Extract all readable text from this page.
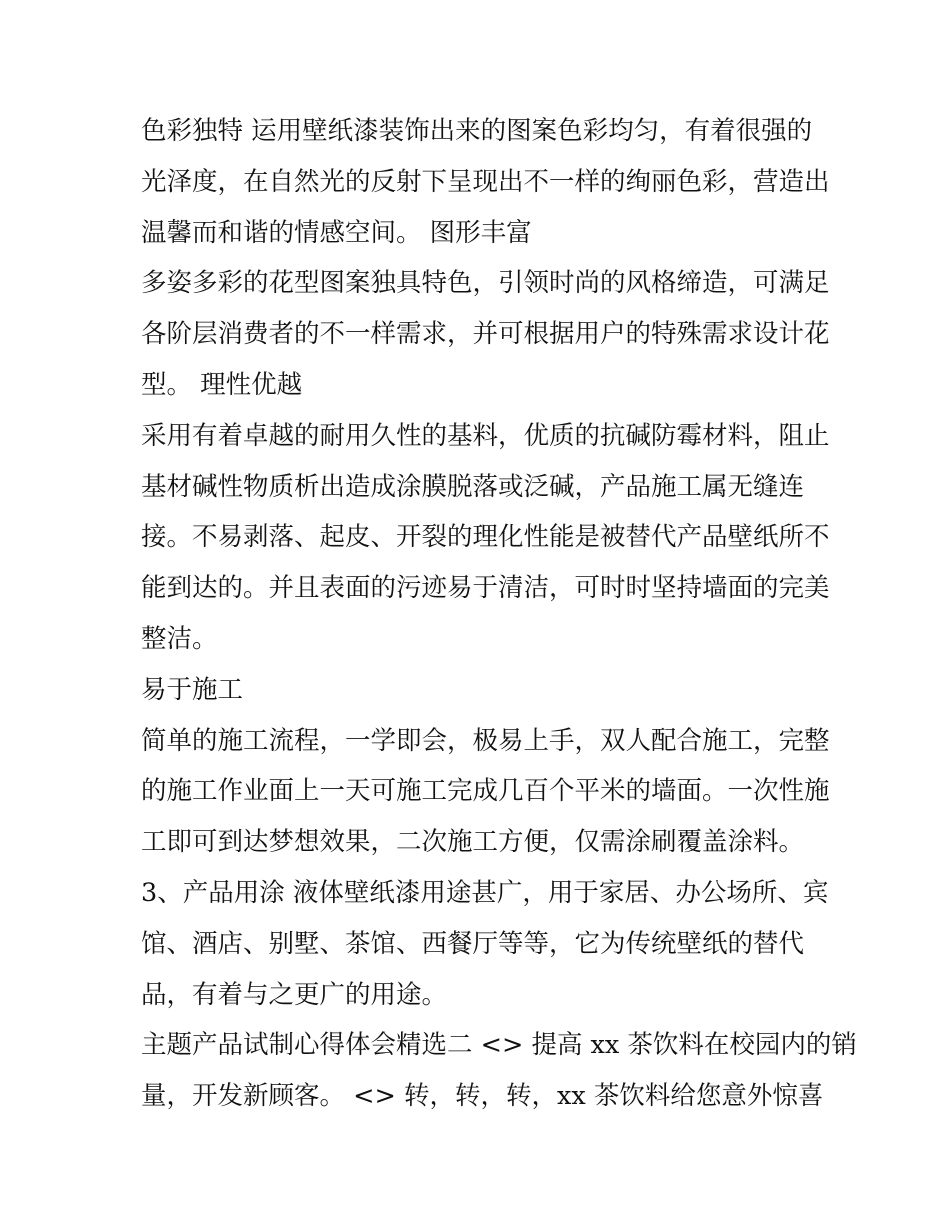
色彩独特 运用壁纸漆装饰出来的图案色彩均匀，有着很强的
光泽度，在自然光的反射下呈现出不一样的绚丽色彩，营造出
温馨而和谐的情感空间。 图形丰富
多姿多彩的花型图案独具特色，引领时尚的风格缔造，可满足
各阶层消费者的不一样需求，并可根据用户的特殊需求设计花
型。 理性优越
采用有着卓越的耐用久性的基料，优质的抗碱防霉材料，阻止
基材碱性物质析出造成涂膜脱落或泛碱，产品施工属无缝连
接。不易剥落、起皮、开裂的理化性能是被替代产品壁纸所不
能到达的。并且表面的污迹易于清洁，可时时坚持墙面的完美
整洁。
易于施工
简单的施工流程，一学即会，极易上手，双人配合施工，完整
的施工作业面上一天可施工完成几百个平米的墙面。一次性施
工即可到达梦想效果，二次施工方便，仅需涂刷覆盖涂料。
3、产品用涂 液体壁纸漆用途甚广，用于家居、办公场所、宾
馆、酒店、别墅、茶馆、西餐厅等等，它为传统壁纸的替代
品，有着与之更广的用途。
主题产品试制心得体会精选二 <> 提高 xx 茶饮料在校园内的销
量，开发新顾客。 <> 转，转，转，xx 茶饮料给您意外惊喜
